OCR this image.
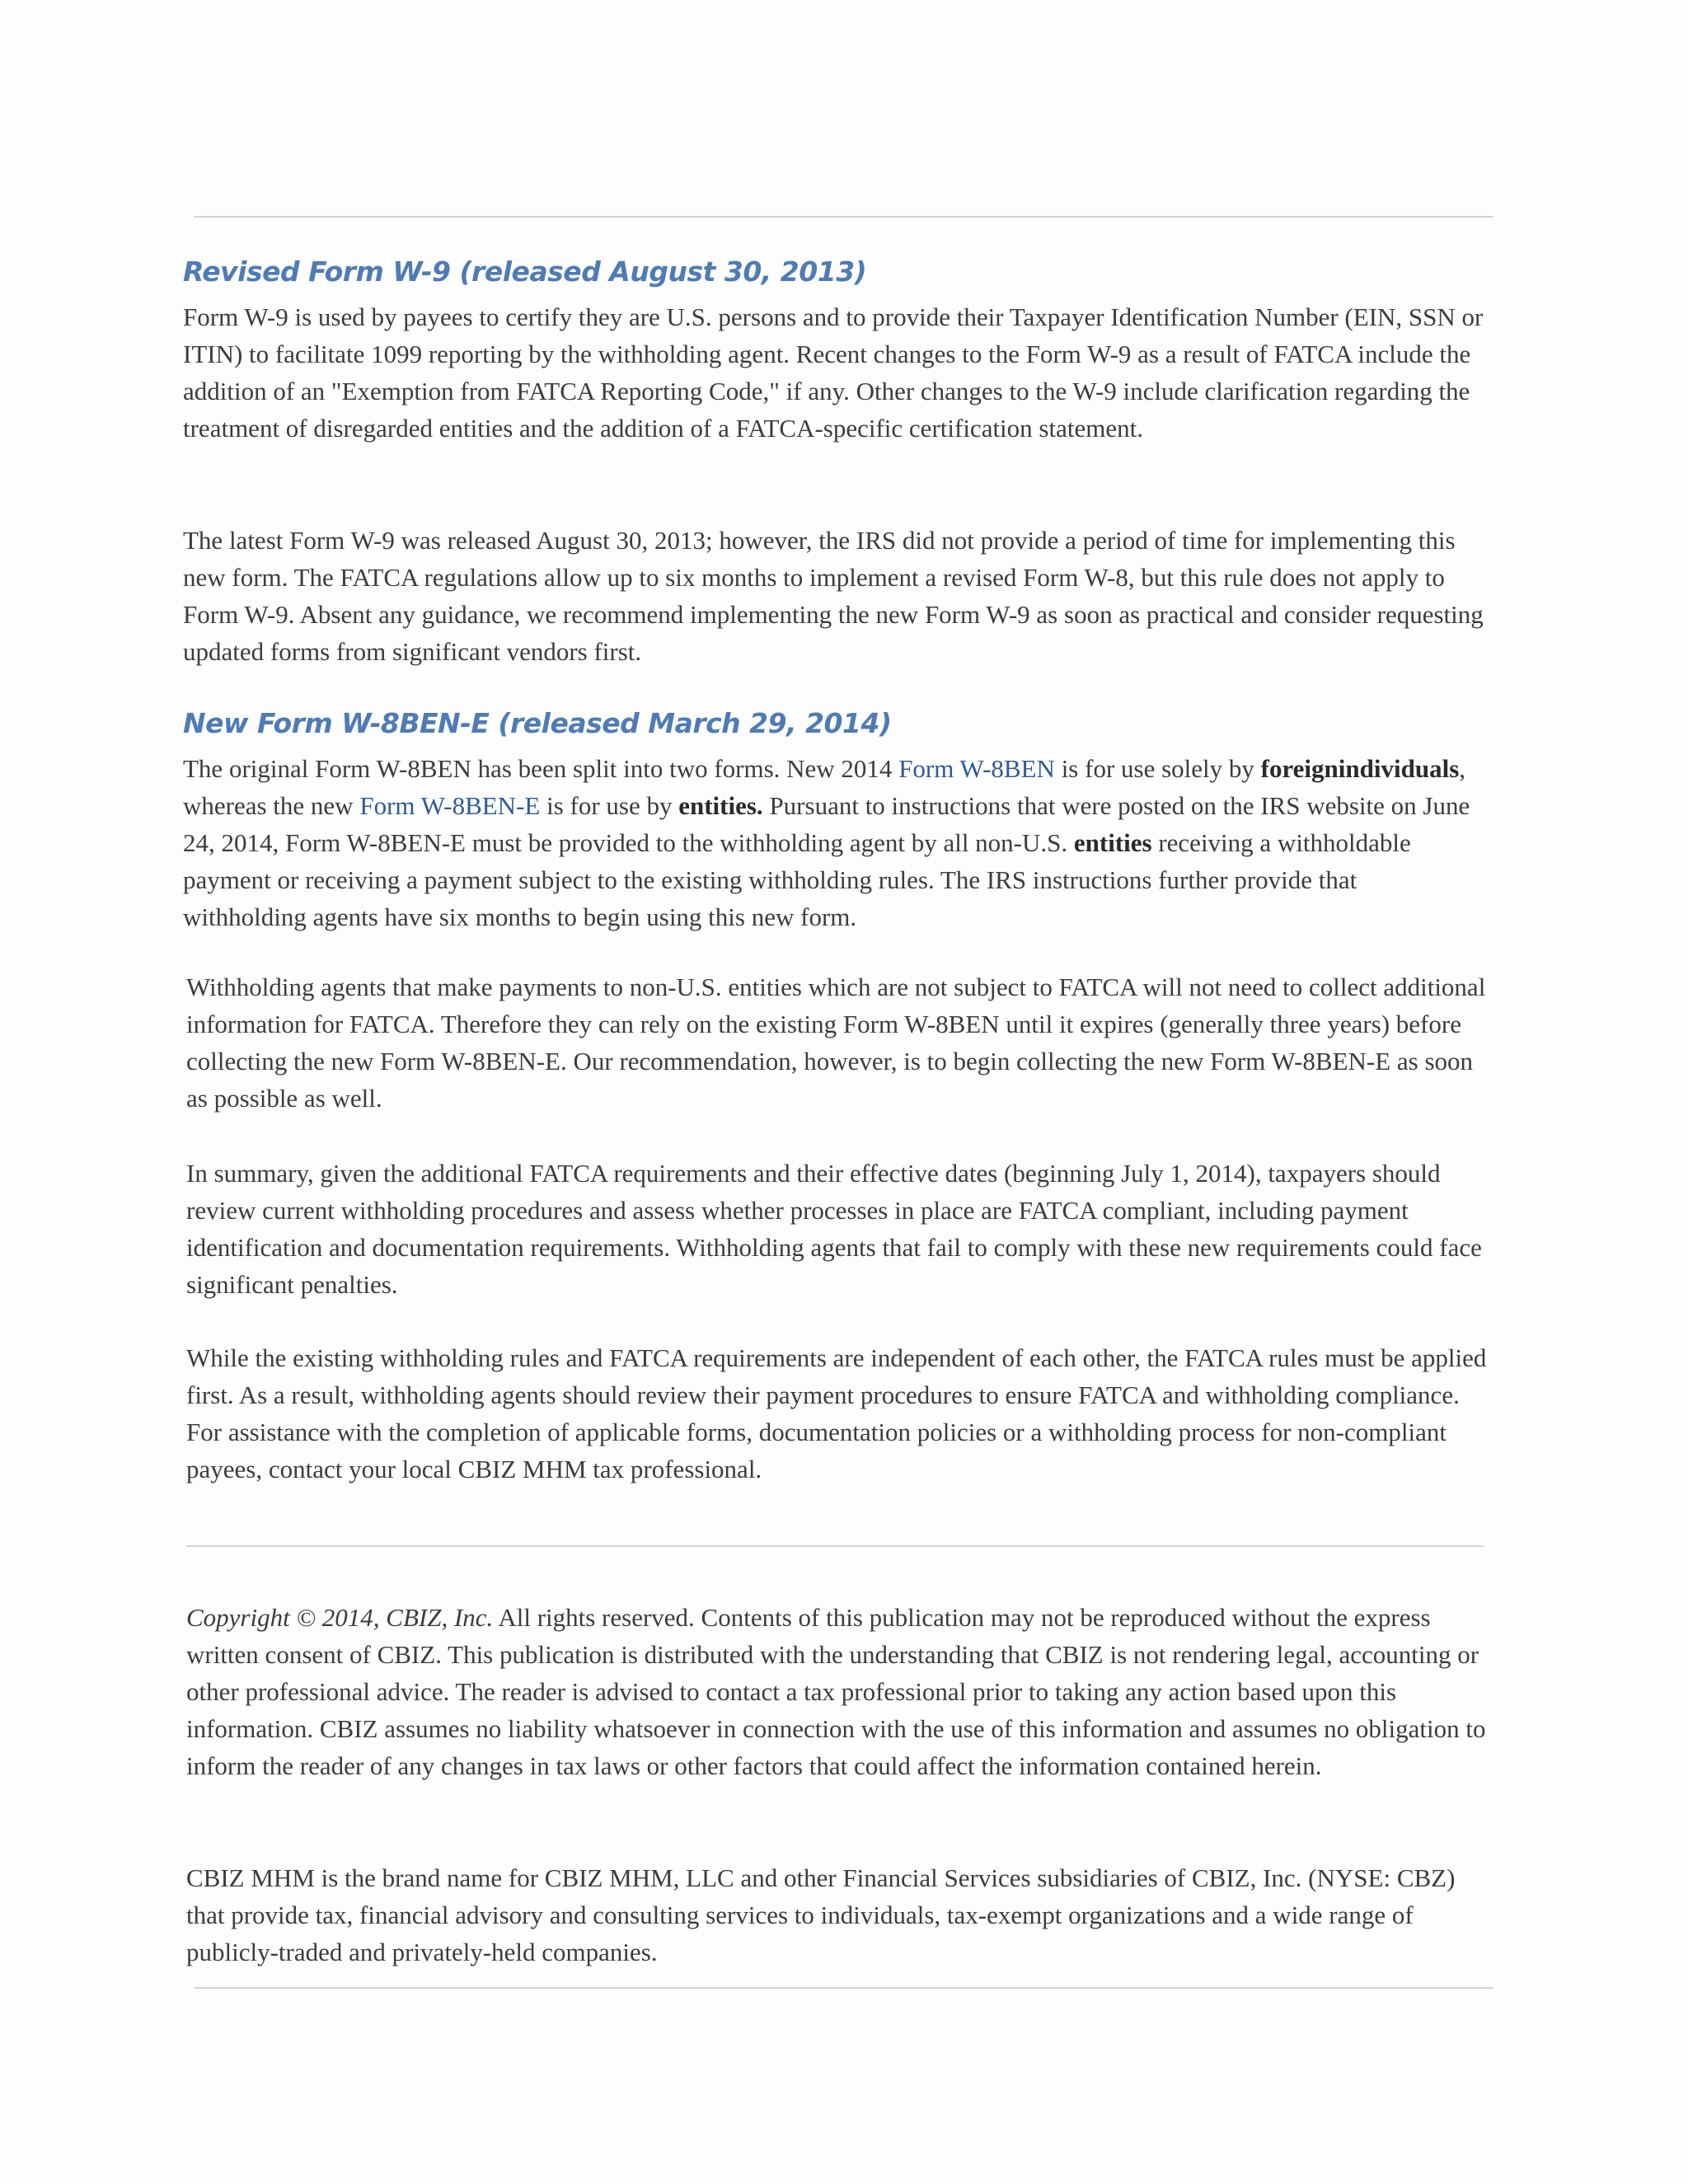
Revised Form W-9 (released August 30, 2013)

Form W-9 is used by payees to certify they are U.S. persons and to provide their Taxpayer Identification Number (EIN, SSN or ITIN) to facilitate 1099 reporting by the withholding agent. Recent changes to the Form W-9 as a result of FATCA include the addition of an "Exemption from FATCA Reporting Code," if any. Other changes to the W-9 include clarification regarding the treatment of disregarded entities and the addition of a FATCA-specific certification statement.

The latest Form W-9 was released August 30, 2013; however, the IRS did not provide a period of time for implementing this new form. The FATCA regulations allow up to six months to implement a revised Form W-8, but this rule does not apply to Form W-9. Absent any guidance, we recommend implementing the new Form W-9 as soon as practical and consider requesting updated forms from significant vendors first.

New Form W-8BEN-E (released March 29, 2014)

The original Form W-8BEN has been split into two forms. New 2014 Form W-8BEN is for use solely by foreignindividuals, whereas the new Form W-8BEN-E is for use by entities. Pursuant to instructions that were posted on the IRS website on June 24, 2014, Form W-8BEN-E must be provided to the withholding agent by all non-U.S. entities receiving a withholdable payment or receiving a payment subject to the existing withholding rules. The IRS instructions further provide that withholding agents have six months to begin using this new form.

Withholding agents that make payments to non-U.S. entities which are not subject to FATCA will not need to collect additional information for FATCA. Therefore they can rely on the existing Form W-8BEN until it expires (generally three years) before collecting the new Form W-8BEN-E. Our recommendation, however, is to begin collecting the new Form W-8BEN-E as soon as possible as well.

In summary, given the additional FATCA requirements and their effective dates (beginning July 1, 2014), taxpayers should review current withholding procedures and assess whether processes in place are FATCA compliant, including payment identification and documentation requirements. Withholding agents that fail to comply with these new requirements could face significant penalties.

While the existing withholding rules and FATCA requirements are independent of each other, the FATCA rules must be applied first. As a result, withholding agents should review their payment procedures to ensure FATCA and withholding compliance. For assistance with the completion of applicable forms, documentation policies or a withholding process for non-compliant payees, contact your local CBIZ MHM tax professional.

Copyright © 2014, CBIZ, Inc. All rights reserved. Contents of this publication may not be reproduced without the express written consent of CBIZ. This publication is distributed with the understanding that CBIZ is not rendering legal, accounting or other professional advice. The reader is advised to contact a tax professional prior to taking any action based upon this information. CBIZ assumes no liability whatsoever in connection with the use of this information and assumes no obligation to inform the reader of any changes in tax laws or other factors that could affect the information contained herein.

CBIZ MHM is the brand name for CBIZ MHM, LLC and other Financial Services subsidiaries of CBIZ, Inc. (NYSE: CBZ) that provide tax, financial advisory and consulting services to individuals, tax-exempt organizations and a wide range of publicly-traded and privately-held companies.
